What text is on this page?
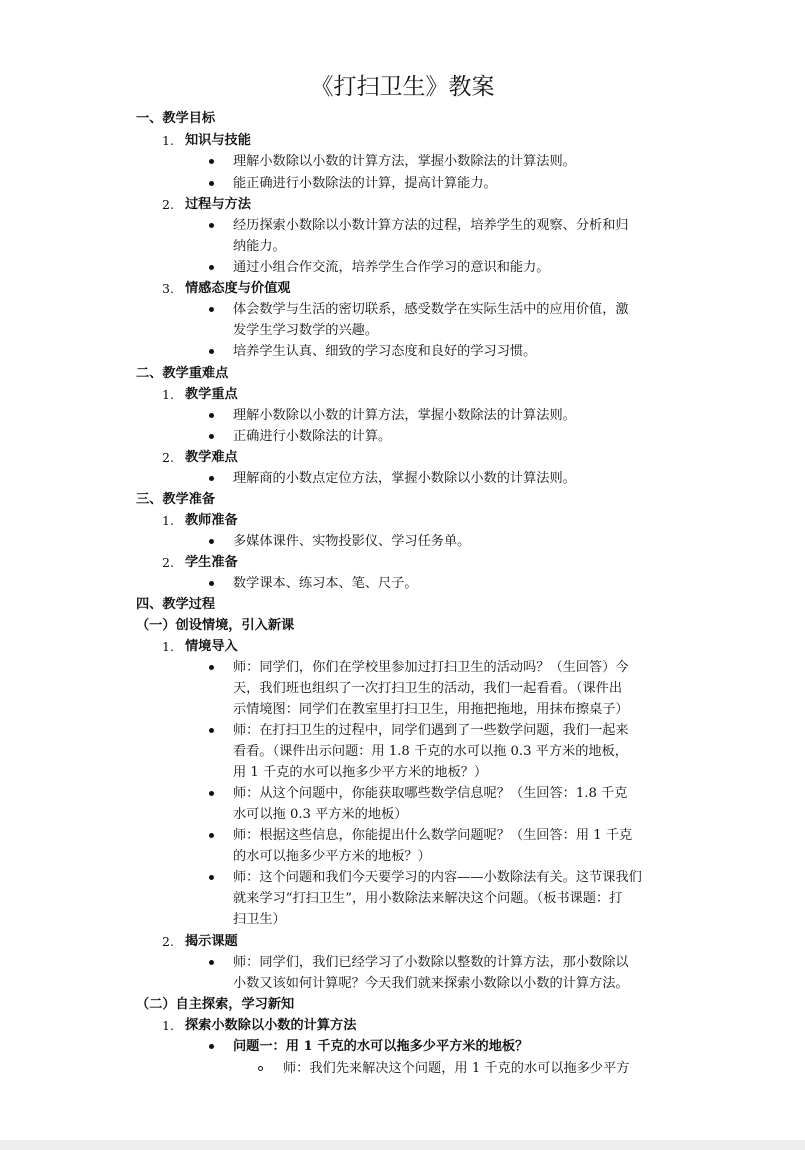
《打扫卫生》教案
一、教学目标
1. 知识与技能
理解小数除以小数的计算方法，掌握小数除法的计算法则。
能正确进行小数除法的计算，提高计算能力。
2. 过程与方法
经历探索小数除以小数计算方法的过程，培养学生的观察、分析和归
纳能力。
通过小组合作交流，培养学生合作学习的意识和能力。
3. 情感态度与价值观
体会数学与生活的密切联系，感受数学在实际生活中的应用价值，激
发学生学习数学的兴趣。
培养学生认真、细致的学习态度和良好的学习习惯。
二、教学重难点
1. 教学重点
理解小数除以小数的计算方法，掌握小数除法的计算法则。
正确进行小数除法的计算。
2. 教学难点
理解商的小数点定位方法，掌握小数除以小数的计算法则。
三、教学准备
1. 教师准备
多媒体课件、实物投影仪、学习任务单。
2. 学生准备
数学课本、练习本、笔、尺子。
四、教学过程
（一）创设情境，引入新课
1. 情境导入
师：同学们，你们在学校里参加过打扫卫生的活动吗？（生回答）今
天，我们班也组织了一次打扫卫生的活动，我们一起看看。（课件出
示情境图：同学们在教室里打扫卫生，用拖把拖地，用抹布擦桌子）
师：在打扫卫生的过程中，同学们遇到了一些数学问题，我们一起来
看看。（课件出示问题：用 1.8 千克的水可以拖 0.3 平方米的地板，
用 1 千克的水可以拖多少平方米的地板？）
师：从这个问题中，你能获取哪些数学信息呢？（生回答：1.8 千克
水可以拖 0.3 平方米的地板）
师：根据这些信息，你能提出什么数学问题呢？（生回答：用 1 千克
的水可以拖多少平方米的地板？）
师：这个问题和我们今天要学习的内容——小数除法有关。这节课我们
就来学习“打扫卫生”，用小数除法来解决这个问题。（板书课题：打
扫卫生）
2. 揭示课题
师：同学们，我们已经学习了小数除以整数的计算方法，那小数除以
小数又该如何计算呢？今天我们就来探索小数除以小数的计算方法。
（二）自主探索，学习新知
1. 探索小数除以小数的计算方法
问题一：用 1 千克的水可以拖多少平方米的地板？
师：我们先来解决这个问题，用 1 千克的水可以拖多少平方
